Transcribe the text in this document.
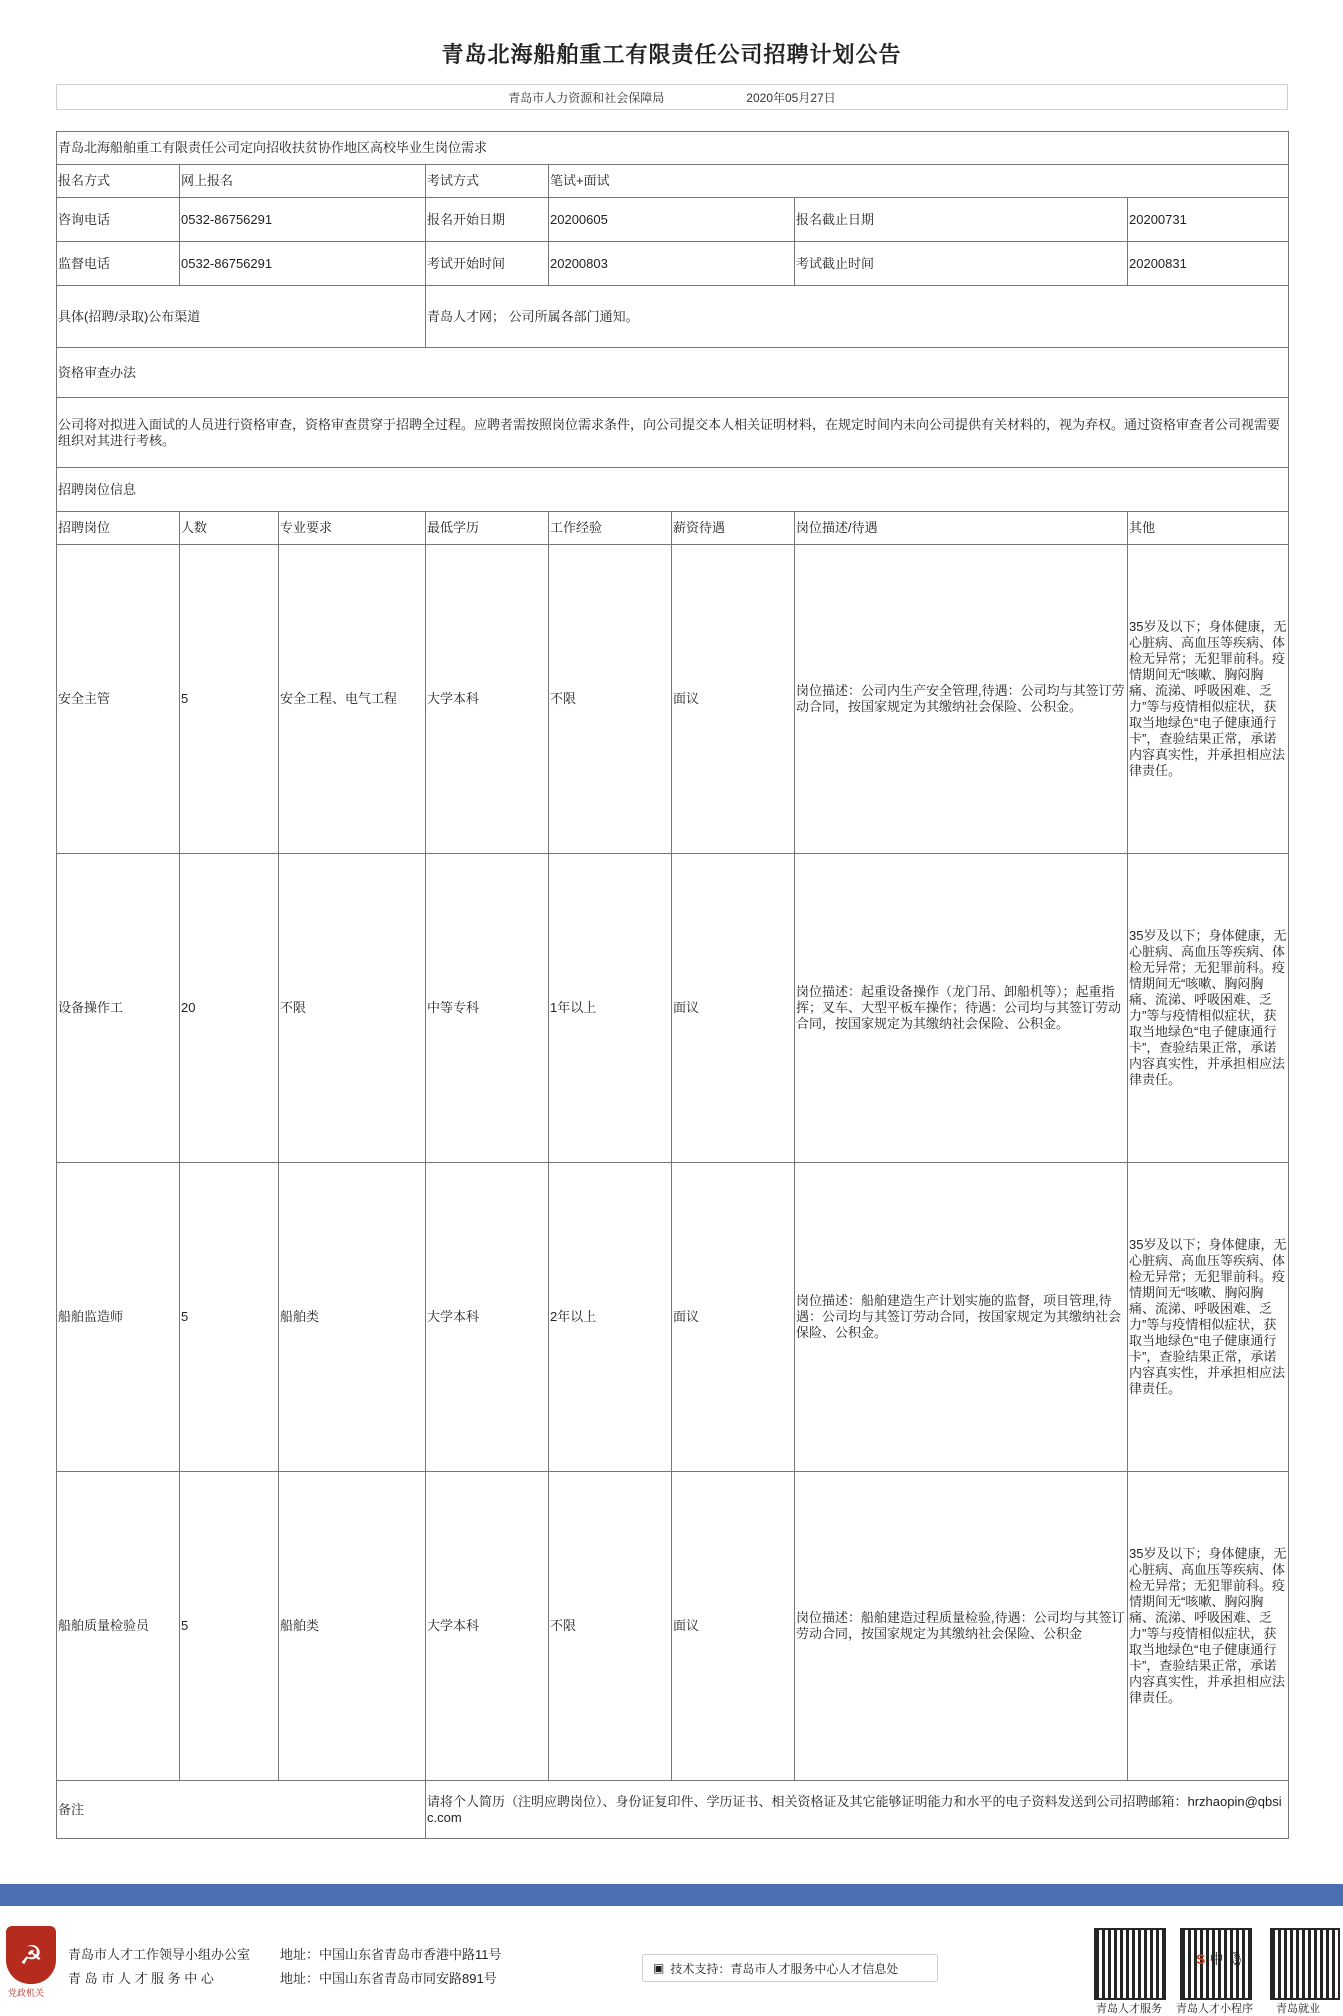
青岛北海船舶重工有限责任公司招聘计划公告
青岛市人力资源和社会保障局	2020年05月27日
青岛北海船舶重工有限责任公司定向招收扶贫协作地区高校毕业生岗位需求							
报名方式	网上报名		考试方式	笔试+面试			
咨询电话	0532-86756291		报名开始日期	20200605		报名截止日期	20200731
监督电话	0532-86756291		考试开始时间	20200803		考试截止时间	20200831
具体(招聘/录取)公布渠道			青岛人才网； 公司所属各部门通知。				
资格审查办法							
公司将对拟进入面试的人员进行资格审查，资格审查贯穿于招聘全过程。应聘者需按照岗位需求条件，向公司提交本人相关证明材料，在规定时间内未向公司提供有关材料的，视为弃权。通过资格审查者公司视需要组织对其进行考核。							
招聘岗位信息							
招聘岗位	人数	专业要求	最低学历	工作经验	薪资待遇	岗位描述/待遇	其他
安全主管	5	安全工程、电气工程	大学本科	不限	面议	岗位描述：公司内生产安全管理,待遇：公司均与其签订劳动合同，按国家规定为其缴纳社会保险、公积金。	35岁及以下；身体健康，无心脏病、高血压等疾病、体检无异常；无犯罪前科。疫情期间无“咳嗽、胸闷胸痛、流涕、呼吸困难、乏力”等与疫情相似症状，获取当地绿色“电子健康通行卡”，查验结果正常，承诺内容真实性，并承担相应法律责任。
设备操作工	20	不限	中等专科	1年以上	面议	岗位描述：起重设备操作（龙门吊、卸船机等）；起重指挥；叉车、大型平板车操作；待遇：公司均与其签订劳动合同，按国家规定为其缴纳社会保险、公积金。	35岁及以下；身体健康，无心脏病、高血压等疾病、体检无异常；无犯罪前科。疫情期间无“咳嗽、胸闷胸痛、流涕、呼吸困难、乏力”等与疫情相似症状，获取当地绿色“电子健康通行卡”，查验结果正常，承诺内容真实性，并承担相应法律责任。
船舶监造师	5	船舶类	大学本科	2年以上	面议	岗位描述：船舶建造生产计划实施的监督，项目管理,待遇：公司均与其签订劳动合同，按国家规定为其缴纳社会保险、公积金。	35岁及以下；身体健康，无心脏病、高血压等疾病、体检无异常；无犯罪前科。疫情期间无“咳嗽、胸闷胸痛、流涕、呼吸困难、乏力”等与疫情相似症状，获取当地绿色“电子健康通行卡”，查验结果正常，承诺内容真实性，并承担相应法律责任。
船舶质量检验员	5	船舶类	大学本科	不限	面议	岗位描述：船舶建造过程质量检验,待遇：公司均与其签订劳动合同，按国家规定为其缴纳社会保险、公积金	35岁及以下；身体健康，无心脏病、高血压等疾病、体检无异常；无犯罪前科。疫情期间无“咳嗽、胸闷胸痛、流涕、呼吸困难、乏力”等与疫情相似症状，获取当地绿色“电子健康通行卡”，查验结果正常，承诺内容真实性，并承担相应法律责任。
备注			请将个人简历（注明应聘岗位）、身份证复印件、学历证书、相关资格证及其它能够证明能力和水平的电子资料发送到公司招聘邮箱：hrzhaopin@qbsic.com				
☭
党政机关
青岛市人才工作领导小组办公室 地址：中国山东省青岛市香港中路11号
青 岛 市 人 才 服 务 中 心	地址：中国山东省青岛市同安路891号
▣ 技术支持：青岛市人才服务中心人才信息处
青岛人才服务 青岛人才小程序
S 中 🎙
青岛就业
